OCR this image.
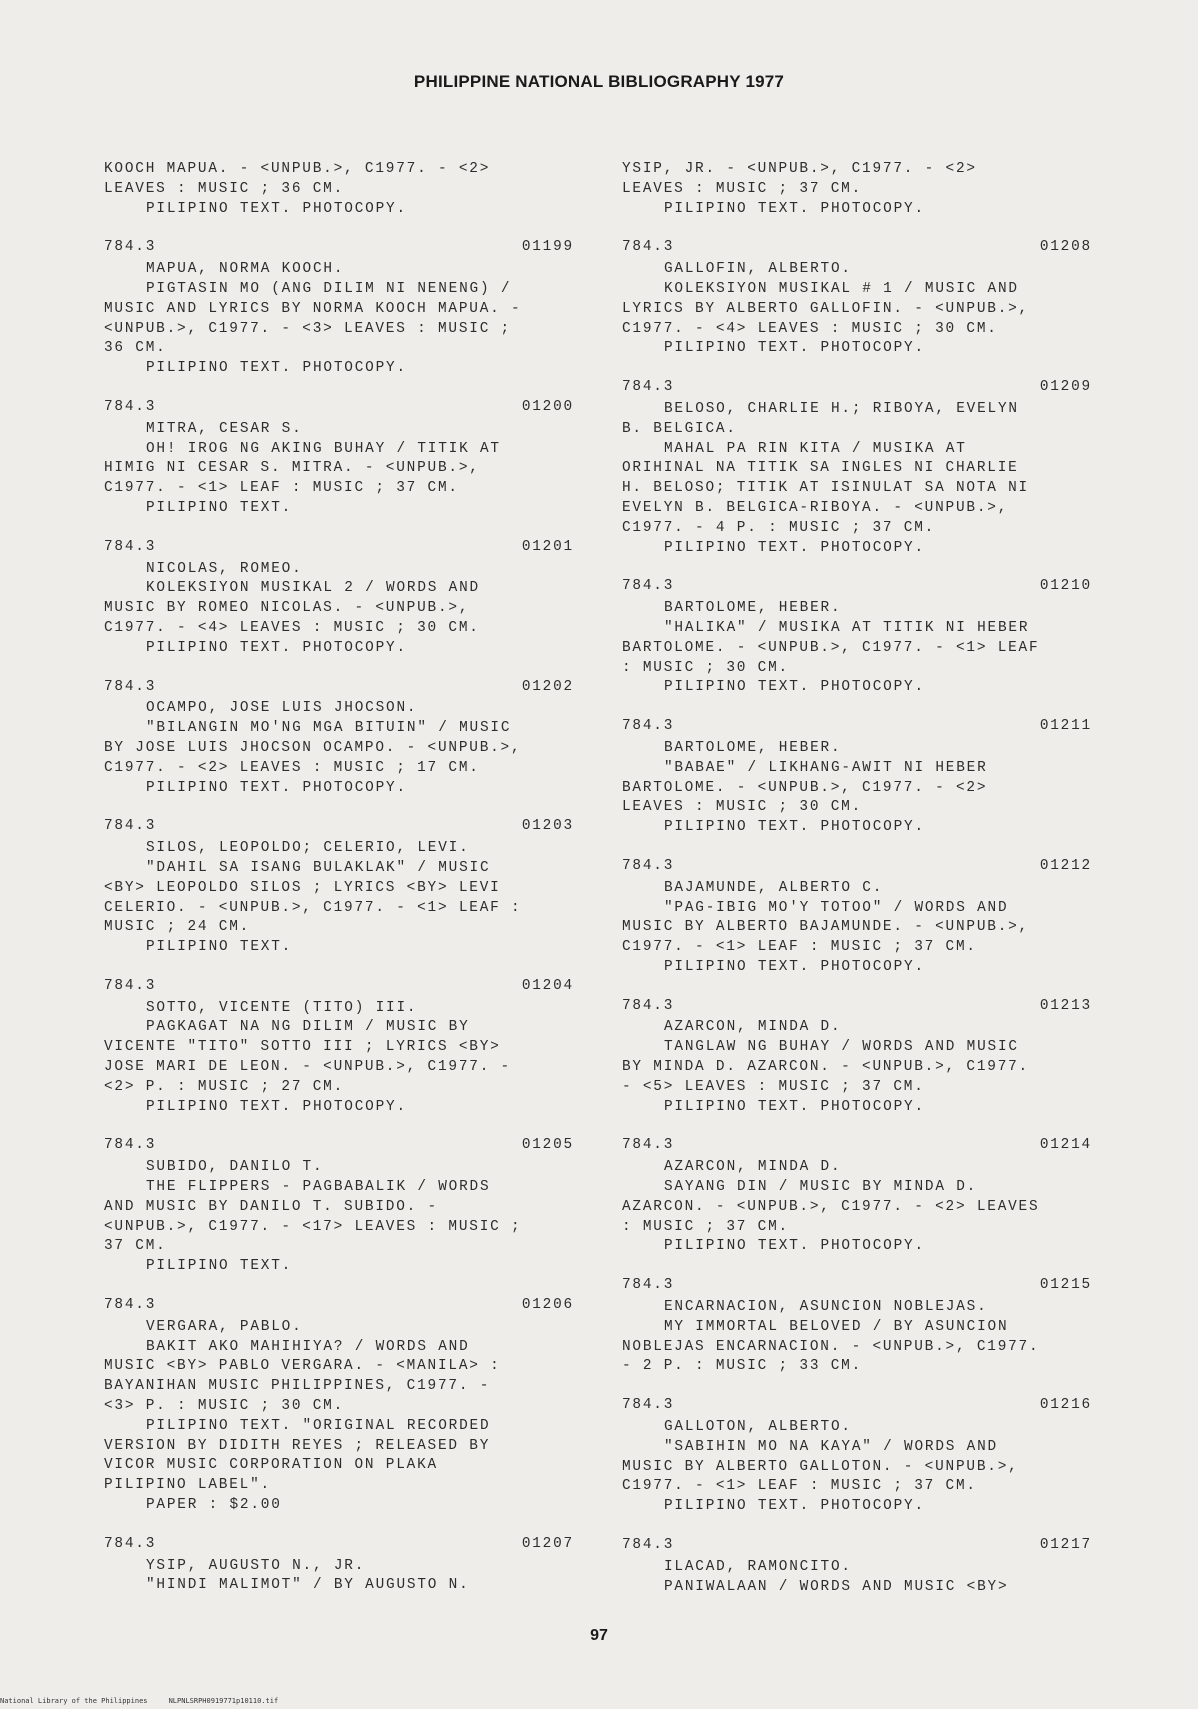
PHILIPPINE NATIONAL BIBLIOGRAPHY 1977
KOOCH MAPUA. - <UNPUB.>, C1977. - <2>
LEAVES : MUSIC ; 36 CM.
PILIPINO TEXT. PHOTOCOPY.
784.3	01199
MAPUA, NORMA KOOCH.
PIGTASIN MO (ANG DILIM NI NENENG) /
MUSIC AND LYRICS BY NORMA KOOCH MAPUA. -
<UNPUB.>, C1977. - <3> LEAVES : MUSIC ;
36 CM.
PILIPINO TEXT. PHOTOCOPY.
784.3	01200
MITRA, CESAR S.
OH! IROG NG AKING BUHAY / TITIK AT
HIMIG NI CESAR S. MITRA. - <UNPUB.>,
C1977. - <1> LEAF : MUSIC ; 37 CM.
PILIPINO TEXT.
784.3	01201
NICOLAS, ROMEO.
KOLEKSIYON MUSIKAL 2 / WORDS AND
MUSIC BY ROMEO NICOLAS. - <UNPUB.>,
C1977. - <4> LEAVES : MUSIC ; 30 CM.
PILIPINO TEXT. PHOTOCOPY.
784.3	01202
OCAMPO, JOSE LUIS JHOCSON.
"BILANGIN MO'NG MGA BITUIN" / MUSIC
BY JOSE LUIS JHOCSON OCAMPO. - <UNPUB.>,
C1977. - <2> LEAVES : MUSIC ; 17 CM.
PILIPINO TEXT. PHOTOCOPY.
784.3	01203
SILOS, LEOPOLDO; CELERIO, LEVI.
"DAHIL SA ISANG BULAKLAK" / MUSIC
<BY> LEOPOLDO SILOS ; LYRICS <BY> LEVI
CELERIO. - <UNPUB.>, C1977. - <1> LEAF :
MUSIC ; 24 CM.
PILIPINO TEXT.
784.3	01204
SOTTO, VICENTE (TITO) III.
PAGKAGAT NA NG DILIM / MUSIC BY
VICENTE "TITO" SOTTO III ; LYRICS <BY>
JOSE MARI DE LEON. - <UNPUB.>, C1977. -
<2> P. : MUSIC ; 27 CM.
PILIPINO TEXT. PHOTOCOPY.
784.3	01205
SUBIDO, DANILO T.
THE FLIPPERS - PAGBABALIK / WORDS
AND MUSIC BY DANILO T. SUBIDO. -
<UNPUB.>, C1977. - <17> LEAVES : MUSIC ;
37 CM.
PILIPINO TEXT.
784.3	01206
VERGARA, PABLO.
BAKIT AKO MAHIHIYA? / WORDS AND
MUSIC <BY> PABLO VERGARA. - <MANILA> :
BAYANIHAN MUSIC PHILIPPINES, C1977. -
<3> P. : MUSIC ; 30 CM.
PILIPINO TEXT. "ORIGINAL RECORDED
VERSION BY DIDITH REYES ; RELEASED BY
VICOR MUSIC CORPORATION ON PLAKA
PILIPINO LABEL".
PAPER : $2.00
784.3	01207
YSIP, AUGUSTO N., JR.
"HINDI MALIMOT" / BY AUGUSTO N.
YSIP, JR. - <UNPUB.>, C1977. - <2>
LEAVES : MUSIC ; 37 CM.
PILIPINO TEXT. PHOTOCOPY.
784.3	01208
GALLOFIN, ALBERTO.
KOLEKSIYON MUSIKAL # 1 / MUSIC AND
LYRICS BY ALBERTO GALLOFIN. - <UNPUB.>,
C1977. - <4> LEAVES : MUSIC ; 30 CM.
PILIPINO TEXT. PHOTOCOPY.
784.3	01209
BELOSO, CHARLIE H.; RIBOYA, EVELYN
B. BELGICA.
MAHAL PA RIN KITA / MUSIKA AT
ORIHINAL NA TITIK SA INGLES NI CHARLIE
H. BELOSO; TITIK AT ISINULAT SA NOTA NI
EVELYN B. BELGICA-RIBOYA. - <UNPUB.>,
C1977. - 4 P. : MUSIC ; 37 CM.
PILIPINO TEXT. PHOTOCOPY.
784.3	01210
BARTOLOME, HEBER.
"HALIKA" / MUSIKA AT TITIK NI HEBER
BARTOLOME. - <UNPUB.>, C1977. - <1> LEAF
: MUSIC ; 30 CM.
PILIPINO TEXT. PHOTOCOPY.
784.3	01211
BARTOLOME, HEBER.
"BABAE" / LIKHANG-AWIT NI HEBER
BARTOLOME. - <UNPUB.>, C1977. - <2>
LEAVES : MUSIC ; 30 CM.
PILIPINO TEXT. PHOTOCOPY.
784.3	01212
BAJAMUNDE, ALBERTO C.
"PAG-IBIG MO'Y TOTOO" / WORDS AND
MUSIC BY ALBERTO BAJAMUNDE. - <UNPUB.>,
C1977. - <1> LEAF : MUSIC ; 37 CM.
PILIPINO TEXT. PHOTOCOPY.
784.3	01213
AZARCON, MINDA D.
TANGLAW NG BUHAY / WORDS AND MUSIC
BY MINDA D. AZARCON. - <UNPUB.>, C1977.
- <5> LEAVES : MUSIC ; 37 CM.
PILIPINO TEXT. PHOTOCOPY.
784.3	01214
AZARCON, MINDA D.
SAYANG DIN / MUSIC BY MINDA D.
AZARCON. - <UNPUB.>, C1977. - <2> LEAVES
: MUSIC ; 37 CM.
PILIPINO TEXT. PHOTOCOPY.
784.3	01215
ENCARNACION, ASUNCION NOBLEJAS.
MY IMMORTAL BELOVED / BY ASUNCION
NOBLEJAS ENCARNACION. - <UNPUB.>, C1977.
- 2 P. : MUSIC ; 33 CM.
784.3	01216
GALLOTON, ALBERTO.
"SABIHIN MO NA KAYA" / WORDS AND
MUSIC BY ALBERTO GALLOTON. - <UNPUB.>,
C1977. - <1> LEAF : MUSIC ; 37 CM.
PILIPINO TEXT. PHOTOCOPY.
784.3	01217
ILACAD, RAMONCITO.
PANIWALAAN / WORDS AND MUSIC <BY>
97
National Library of the Philippines	NLPNLSRPH0919771p10110.tif
